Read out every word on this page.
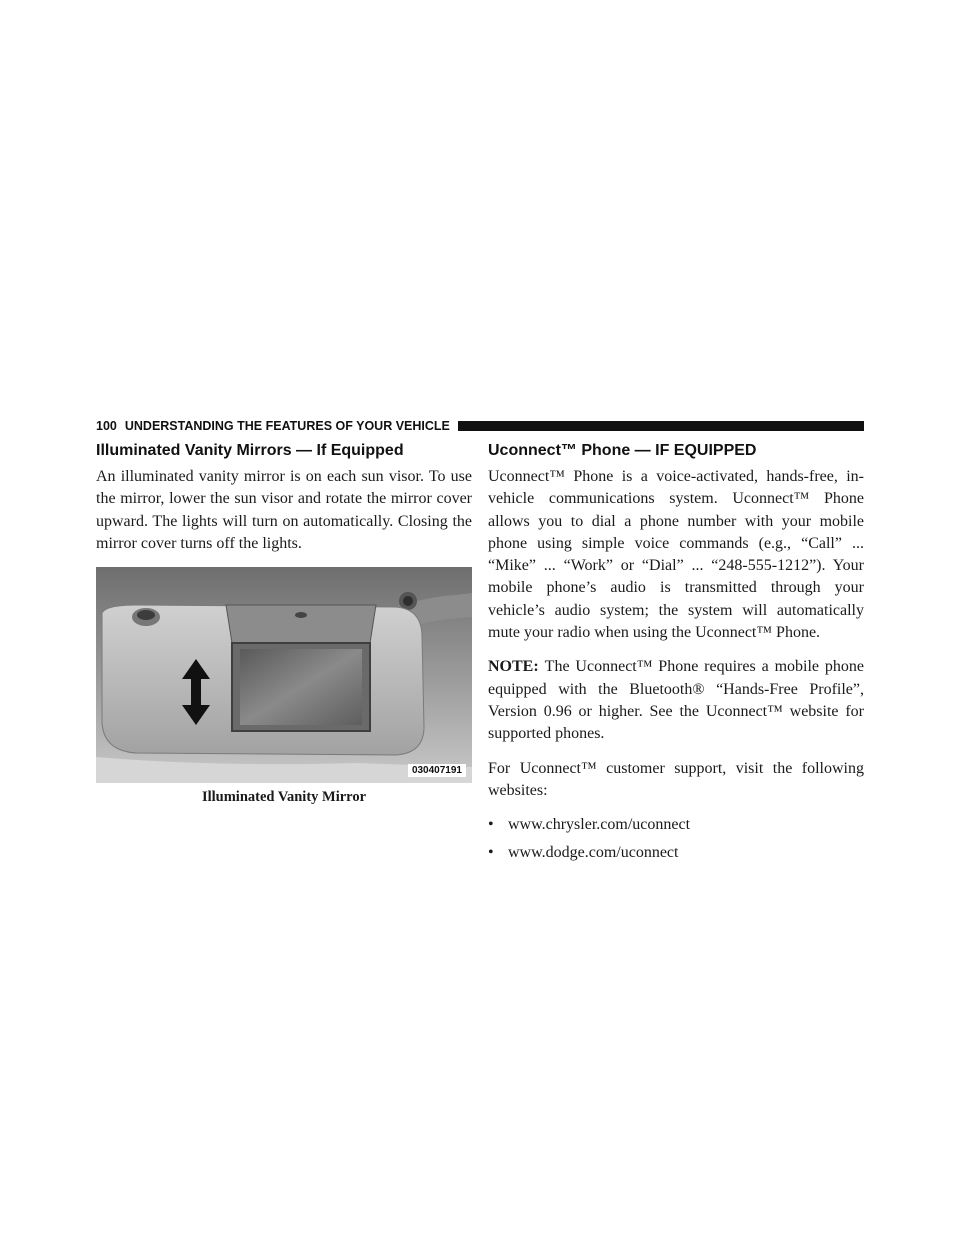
100 UNDERSTANDING THE FEATURES OF YOUR VEHICLE
Illuminated Vanity Mirrors — If Equipped

An illuminated vanity mirror is on each sun visor. To use the mirror, lower the sun visor and rotate the mirror cover upward. The lights will turn on automatically. Closing the mirror cover turns off the lights.

030407191
Illuminated Vanity Mirror
Uconnect™ Phone — IF EQUIPPED

Uconnect™ Phone is a voice-activated, hands-free, in-vehicle communications system. Uconnect™ Phone allows you to dial a phone number with your mobile phone using simple voice commands (e.g., “Call” ... “Mike” ... “Work” or “Dial” ... “248-555-1212”). Your mobile phone’s audio is transmitted through your vehicle’s audio system; the system will automatically mute your radio when using the Uconnect™ Phone.

NOTE: The Uconnect™ Phone requires a mobile phone equipped with the Bluetooth® “Hands-Free Profile”, Version 0.96 or higher. See the Uconnect™ website for supported phones.

For Uconnect™ customer support, visit the following websites:

• www.chrysler.com/uconnect
• www.dodge.com/uconnect
